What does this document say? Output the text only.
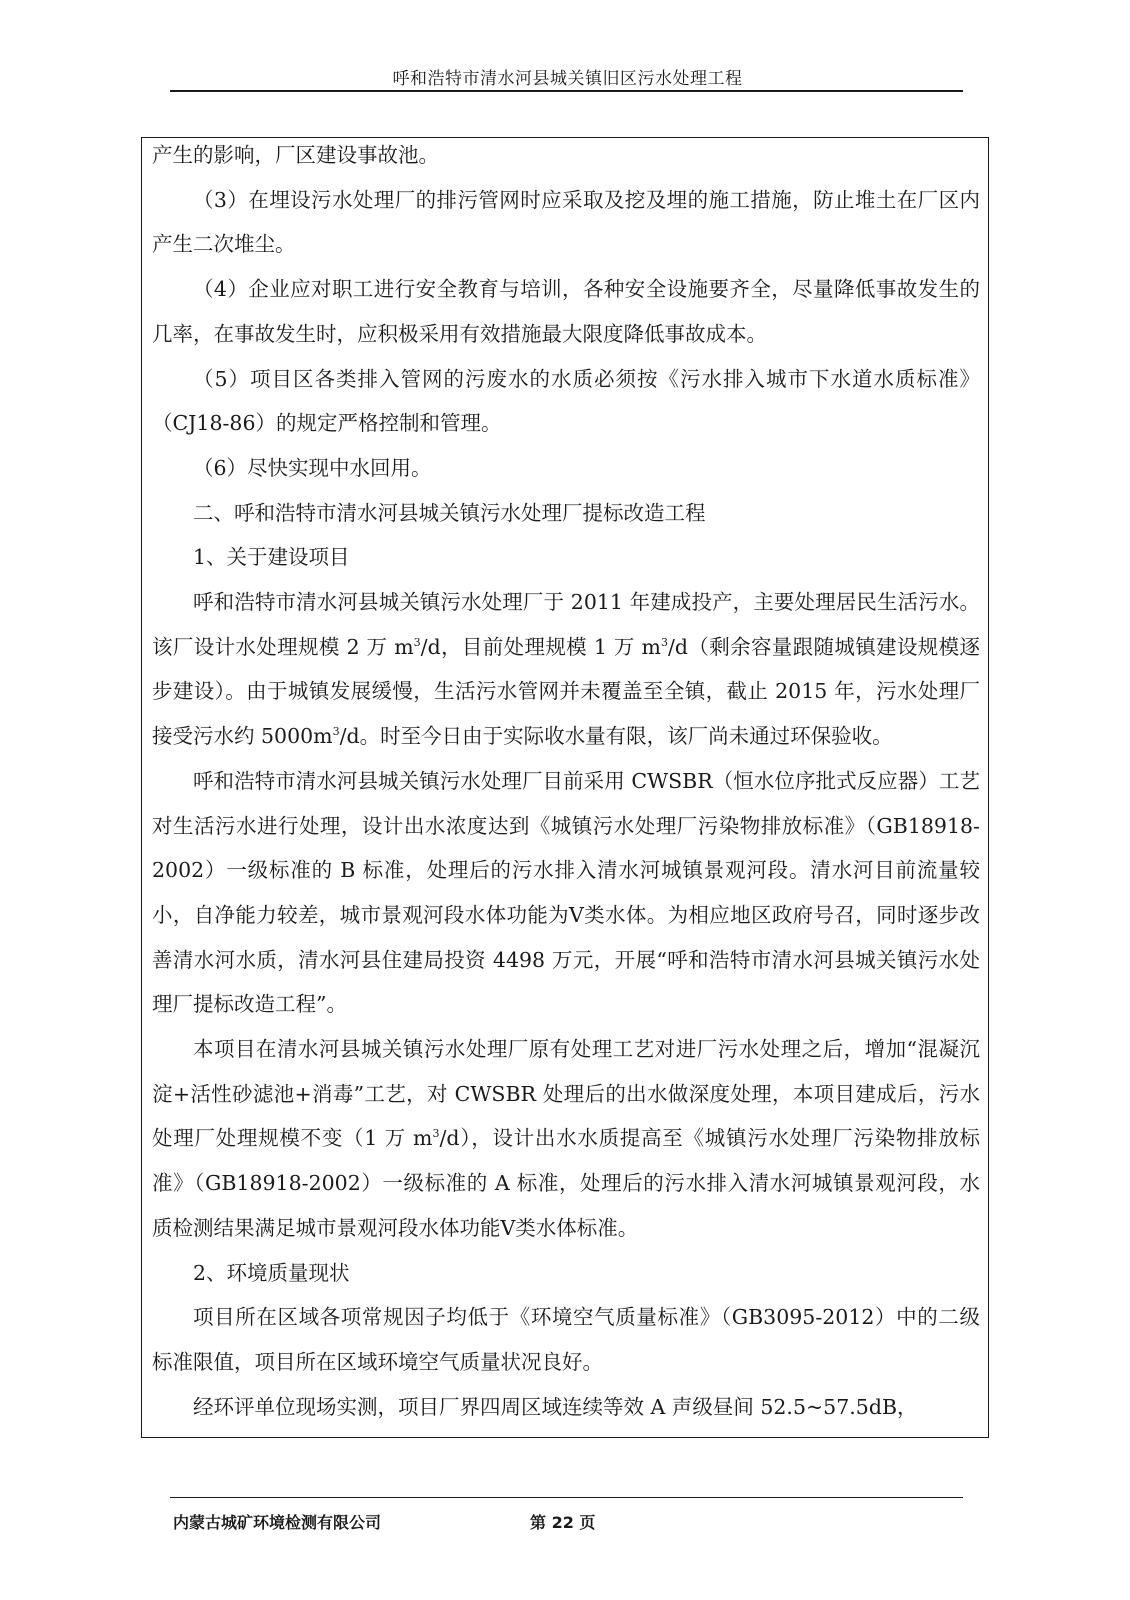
呼和浩特市清水河县城关镇旧区污水处理工程

产生的影响，厂区建设事故池。

（3）在埋设污水处理厂的排污管网时应采取及挖及埋的施工措施，防止堆土在厂区内产生二次堆尘。

（4）企业应对职工进行安全教育与培训，各种安全设施要齐全，尽量降低事故发生的几率，在事故发生时，应积极采用有效措施最大限度降低事故成本。

（5）项目区各类排入管网的污废水的水质必须按《污水排入城市下水道水质标准》（CJ18-86）的规定严格控制和管理。

（6）尽快实现中水回用。

二、呼和浩特市清水河县城关镇污水处理厂提标改造工程

1、关于建设项目

呼和浩特市清水河县城关镇污水处理厂于 2011 年建成投产，主要处理居民生活污水。该厂设计水处理规模 2 万 $m^3/d$，目前处理规模 1 万 $m^3/d$（剩余容量跟随城镇建设规模逐步建设）。由于城镇发展缓慢，生活污水管网并未覆盖至全镇，截止 2015 年，污水处理厂接受污水约 $5000m^3/d$。时至今日由于实际收水量有限，该厂尚未通过环保验收。

呼和浩特市清水河县城关镇污水处理厂目前采用 CWSBR（恒水位序批式反应器）工艺对生活污水进行处理，设计出水浓度达到《城镇污水处理厂污染物排放标准》（GB18918-2002）一级标准的 B 标准，处理后的污水排入清水河城镇景观河段。清水河目前流量较小，自净能力较差，城市景观河段水体功能为Ⅴ类水体。为相应地区政府号召，同时逐步改善清水河水质，清水河县住建局投资 4498 万元，开展“呼和浩特市清水河县城关镇污水处理厂提标改造工程”。

本项目在清水河县城关镇污水处理厂原有处理工艺对进厂污水处理之后，增加“混凝沉淀+活性砂滤池+消毒”工艺，对 CWSBR 处理后的出水做深度处理，本项目建成后，污水处理厂处理规模不变（1 万 $m^3/d$），设计出水水质提高至《城镇污水处理厂污染物排放标准》（GB18918-2002）一级标准的 A 标准，处理后的污水排入清水河城镇景观河段，水质检测结果满足城市景观河段水体功能Ⅴ类水体标准。

2、环境质量现状

项目所在区域各项常规因子均低于《环境空气质量标准》（GB3095-2012）中的二级标准限值，项目所在区域环境空气质量状况良好。

经环评单位现场实测，项目厂界四周区域连续等效 A 声级昼间 52.5~57.5dB，

内蒙古城矿环境检测有限公司	第 22 页
